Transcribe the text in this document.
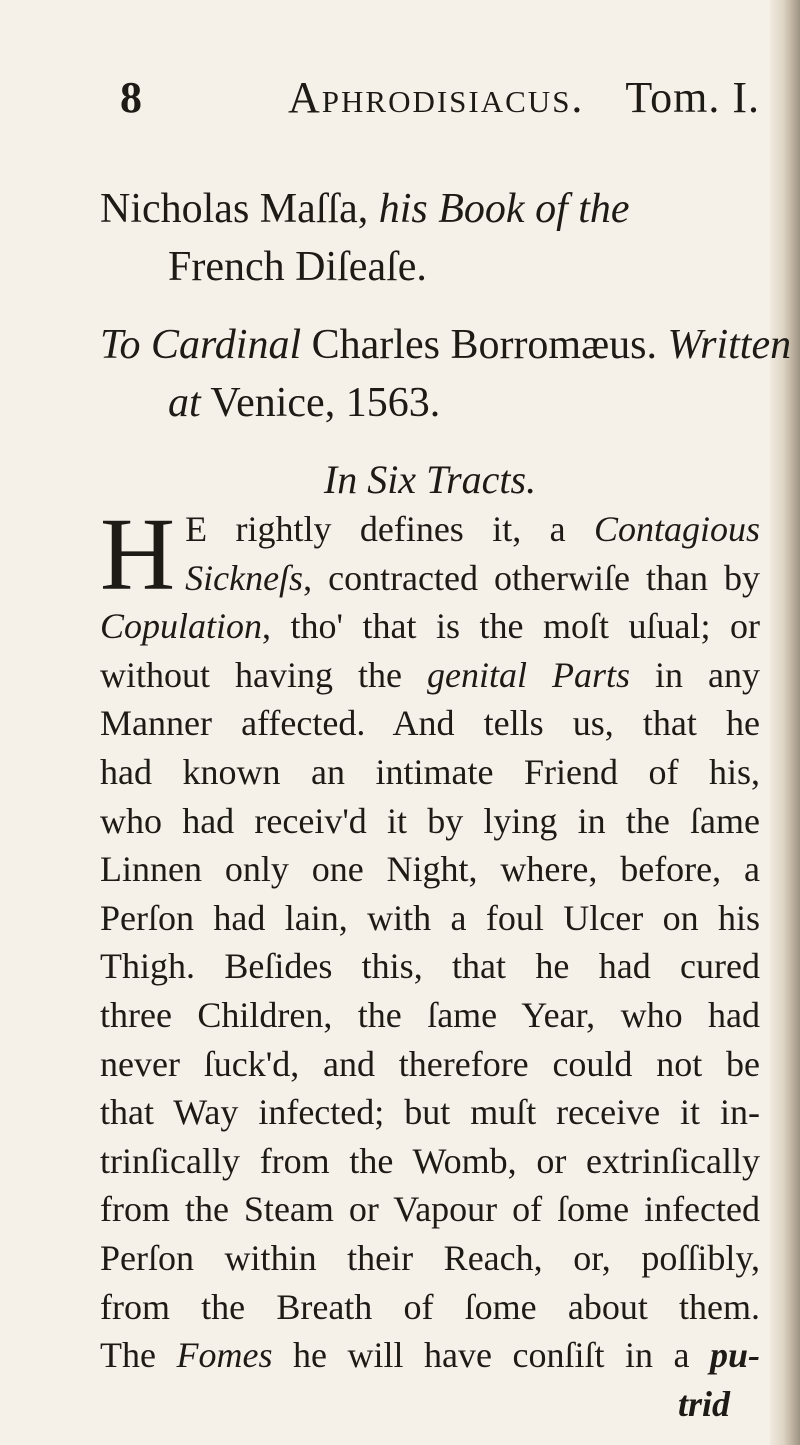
8	Aphrodisiacus. Tom. I.
Nicholas Maſſa, his Book of the
French Diſeaſe.
To Cardinal Charles Borromæus. Written
at Venice, 1563.
In Six Tracts.
H E rightly defines it, a Contagious
Sickneſs, contracted otherwiſe than by
Copulation, tho' that is the moſt uſual; or
without having the genital Parts in any
Manner affected. And tells us, that he
had known an intimate Friend of his,
who had receiv'd it by lying in the ſame
Linnen only one Night, where, before, a
Perſon had lain, with a foul Ulcer on his
Thigh. Beſides this, that he had cured
three Children, the ſame Year, who had
never ſuck'd, and therefore could not be
that Way infected; but muſt receive it in-
trinſically from the Womb, or extrinſically
from the Steam or Vapour of ſome infected
Perſon within their Reach, or, poſſibly,
from the Breath of ſome about them.
The Fomes he will have conſiſt in a pu-
trid
